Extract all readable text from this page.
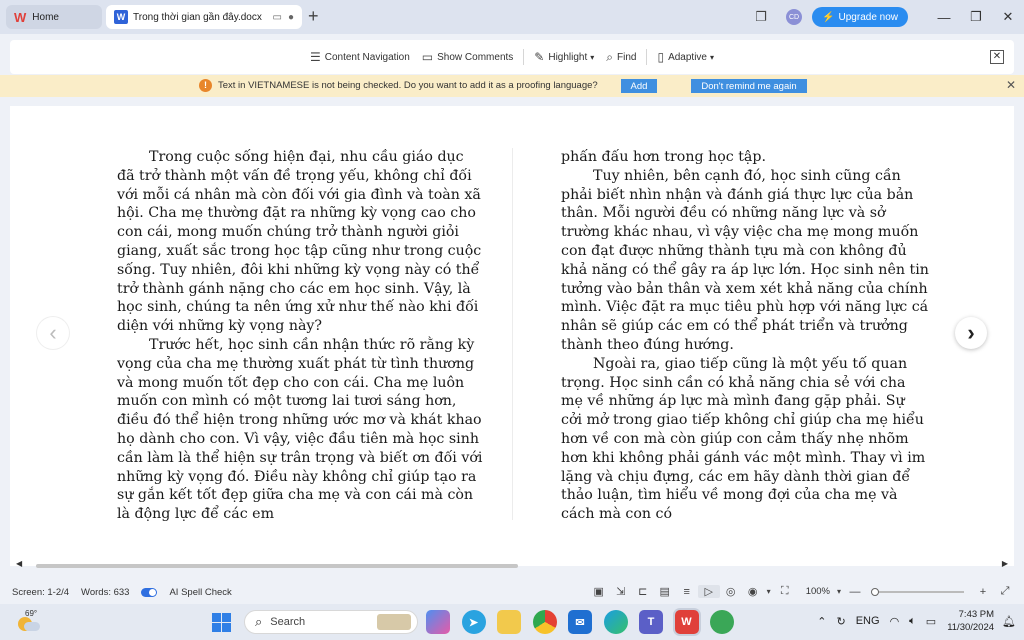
W Home	W Trong thời gian gần đây.docx	▭ ● +	❐	CD ⚡ Upgrade now	—	❐	✕
☰ Content Navigation ▭ Show Comments ✎ Highlight ▾ ⌕ Find ▯ Adaptive ▾	✕
!	Text in VIETNAMESE is not being checked. Do you want to add it as a proofing language?	Add	Don't remind me again	✕

Trong cuộc sống hiện đại, nhu cầu giáo dục đã trở thành một vấn đề trọng yếu, không chỉ đối với mỗi cá nhân mà còn đối với gia đình và toàn xã hội. Cha mẹ thường đặt ra những kỳ vọng cao cho con cái, mong muốn chúng trở thành người giỏi giang, xuất sắc trong học tập cũng như trong cuộc sống. Tuy nhiên, đôi khi những kỳ vọng này có thể trở thành gánh nặng cho các em học sinh. Vậy, là học sinh, chúng ta nên ứng xử như thế nào khi đối diện với những kỳ vọng này?

Trước hết, học sinh cần nhận thức rõ rằng kỳ vọng của cha mẹ thường xuất phát từ tình thương và mong muốn tốt đẹp cho con cái. Cha mẹ luôn muốn con mình có một tương lai tươi sáng hơn, điều đó thể hiện trong những ước mơ và khát khao họ dành cho con. Vì vậy, việc đầu tiên mà học sinh cần làm là thể hiện sự trân trọng và biết ơn đối với những kỳ vọng đó. Điều này không chỉ giúp tạo ra sự gắn kết tốt đẹp giữa cha mẹ và con cái mà còn là động lực để các em

phấn đấu hơn trong học tập.

Tuy nhiên, bên cạnh đó, học sinh cũng cần phải biết nhìn nhận và đánh giá thực lực của bản thân. Mỗi người đều có những năng lực và sở trường khác nhau, vì vậy việc cha mẹ mong muốn con đạt được những thành tựu mà con không đủ khả năng có thể gây ra áp lực lớn. Học sinh nên tin tưởng vào bản thân và xem xét khả năng của chính mình. Việc đặt ra mục tiêu phù hợp với năng lực cá nhân sẽ giúp các em có thể phát triển và trưởng thành theo đúng hướng.

Ngoài ra, giao tiếp cũng là một yếu tố quan trọng. Học sinh cần có khả năng chia sẻ với cha mẹ về những áp lực mà mình đang gặp phải. Sự cởi mở trong giao tiếp không chỉ giúp cha mẹ hiểu hơn về con mà còn giúp con cảm thấy nhẹ nhõm hơn khi không phải gánh vác một mình. Thay vì im lặng và chịu đựng, các em hãy dành thời gian để thảo luận, tìm hiểu về mong đợi của cha mẹ và cách mà con có

‹	›
◀	▶
Screen: 1-2/4 Words: 633	AI Spell Check	▣	⇲	⊏	▤	≡	▷	◎	◉	▾ ⛶	100% ▾ —	+	⤢
69°
⌕ Search	➤	✉	T	W	⌃ ↻ ENG ◠ 🔈︎ ▭
7:43 PM
11/30/2024 🔔︎
